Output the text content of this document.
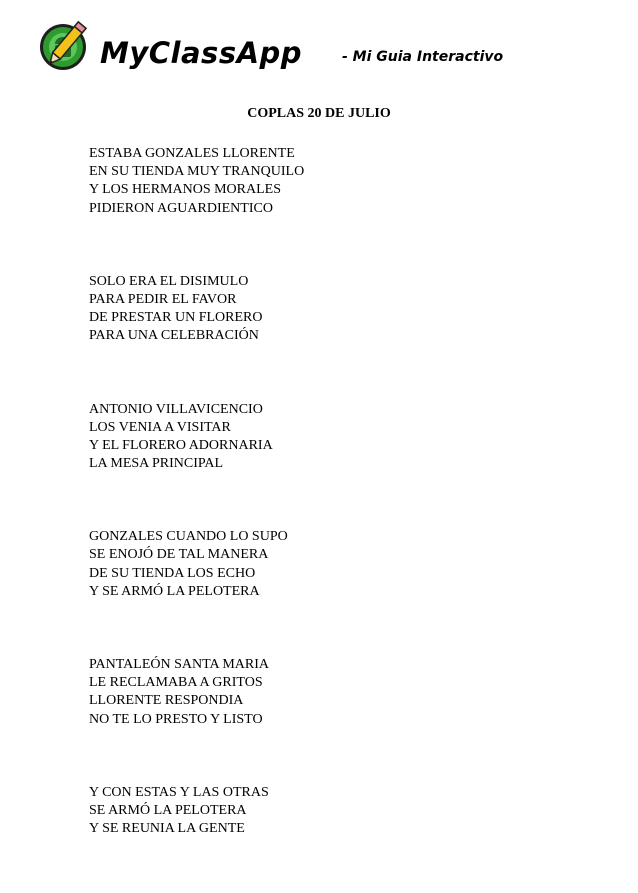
MyClassApp	- Mi Guia Interactivo
COPLAS 20 DE JULIO
ESTABA GONZALES LLORENTE
EN SU TIENDA MUY TRANQUILO
Y LOS HERMANOS MORALES
PIDIERON AGUARDIENTICO
SOLO ERA EL DISIMULO
PARA PEDIR EL FAVOR
DE PRESTAR UN FLORERO
PARA UNA CELEBRACIÓN
ANTONIO VILLAVICENCIO
LOS VENIA A VISITAR
Y EL FLORERO ADORNARIA
LA MESA PRINCIPAL
GONZALES CUANDO LO SUPO
SE ENOJÓ DE TAL MANERA
DE SU TIENDA LOS ECHO
Y SE ARMÓ LA PELOTERA
PANTALEÓN SANTA MARIA
LE RECLAMABA A GRITOS
LLORENTE RESPONDIA
NO TE LO PRESTO Y LISTO
Y CON ESTAS Y LAS OTRAS
SE ARMÓ LA PELOTERA
Y SE REUNIA LA GENTE
